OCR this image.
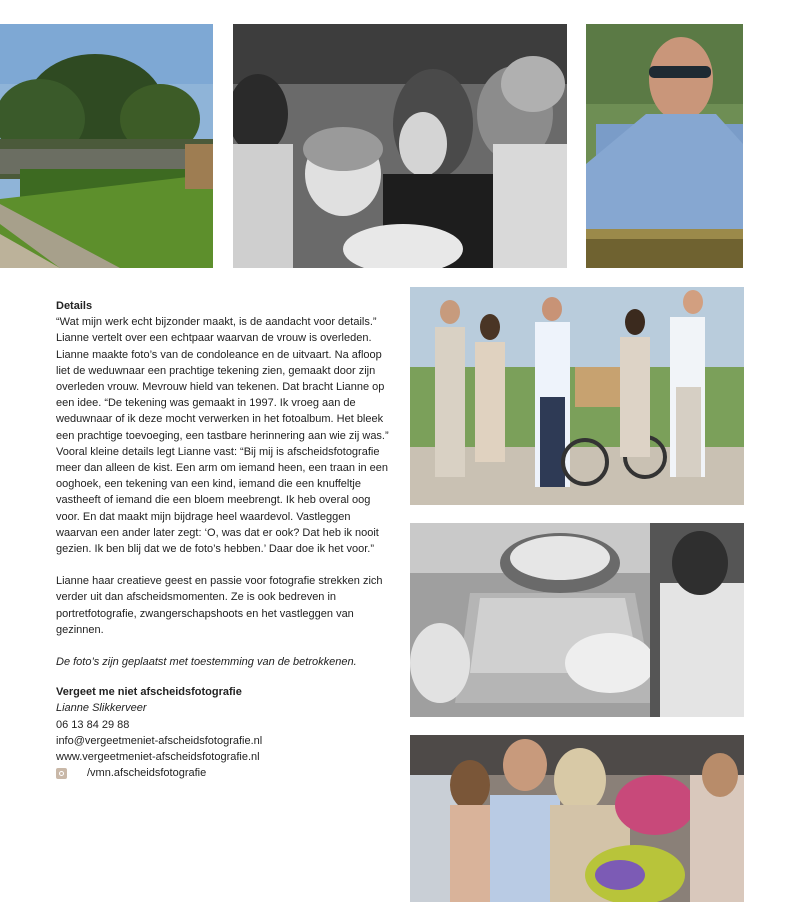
Details

“Wat mijn werk echt bijzonder maakt, is de aandacht voor details.” Lianne vertelt over een echtpaar waarvan de vrouw is overleden. Lianne maakte foto’s van de condoleance en de uitvaart. Na afloop liet de weduwnaar een prachtige tekening zien, gemaakt door zijn overleden vrouw. Mevrouw hield van tekenen. Dat bracht Lianne op een idee. “De tekening was gemaakt in 1997. Ik vroeg aan de weduwnaar of ik deze mocht verwerken in het fotoalbum. Het bleek een prachtige toevoeging, een tastbare herinnering aan wie zij was.” Vooral kleine details legt Lianne vast: “Bij mij is afscheidsfotografie meer dan alleen de kist. Een arm om iemand heen, een traan in een ooghoek, een tekening van een kind, iemand die een knuffeltje vastheeft of iemand die een bloem meebrengt. Ik heb overal oog voor. En dat maakt mijn bijdrage heel waardevol. Vastleggen waarvan een ander later zegt: ‘O, was dat er ook? Dat heb ik nooit gezien. Ik ben blij dat we de foto’s hebben.’ Daar doe ik het voor.”

Lianne haar creatieve geest en passie voor fotografie strekken zich verder uit dan afscheidsmomenten. Ze is ook bedreven in portretfotografie, zwangerschapshoots en het vastleggen van gezinnen.

De foto’s zijn geplaatst met toestemming van de betrokkenen.

Vergeet me niet afscheidsfotografie

Lianne Slikkerveer

06 13 84 29 88

info@vergeetmeniet-afscheidsfotografie.nl

www.vergeetmeniet-afscheidsfotografie.nl

/vmn.afscheidsfotografie
